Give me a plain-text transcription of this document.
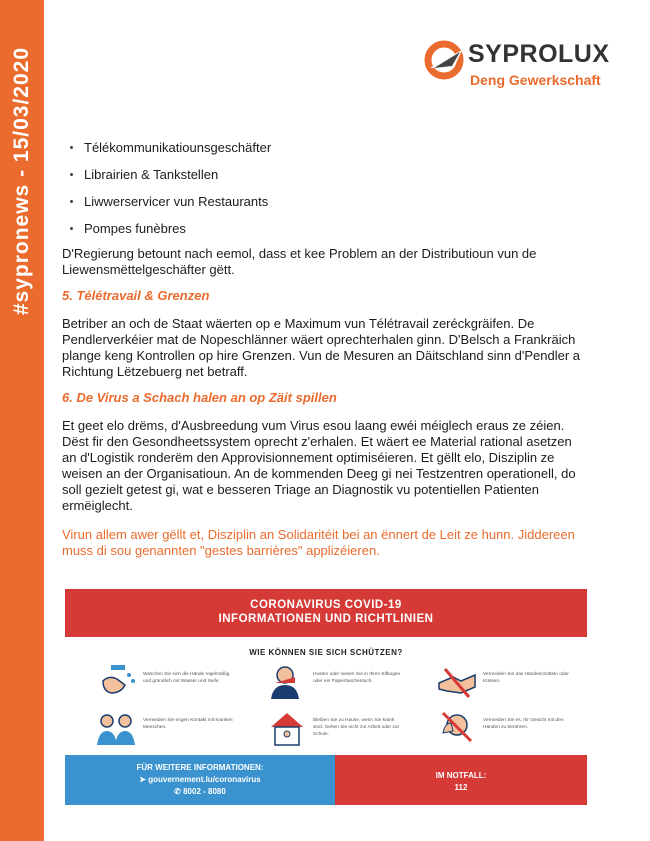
#sypronews - 15/03/2020	SYPROLUX
Deng Gewerkschaft
Télékommunikatiounsgeschäfter
Librairien & Tankstellen
Liwwerservicer vun Restaurants
Pompes funèbres

D'Regierung betount nach eemol, dass et kee Problem an der Distributioun vun de Liewensmëttelgeschäfter gëtt.

5. Télétravail & Grenzen

Betriber an och de Staat wäerten op e Maximum vun Télétravail zeréckgräifen. De Pendlerverkéier mat de Nopeschlänner wäert oprechterhalen ginn. D'Belsch a Frankräich plange keng Kontrollen op hire Grenzen. Vun de Mesuren an Däitschland sinn d'Pendler a Richtung Lëtzebuerg net betraff.

6. De Virus a Schach halen an op Zäit spillen

Et geet elo drëms, d'Ausbreedung vum Virus esou laang ewéi méiglech eraus ze zéien. Dëst fir den Gesondheetssystem oprecht z'erhalen. Et wäert ee Material rational asetzen an d'Logistik ronderëm den Approvisionnement optimiséieren. Et gëllt elo, Disziplin ze weisen an der Organisatioun. An de kommenden Deeg gi nei Testzentren operationell, do soll gezielt getest gi, wat e besseren Triage an Diagnostik vu potentiellen Patienten ermëiglecht.

Virun allem awer gëllt et, Disziplin an Solidaritéit bei an ënnert de Leit ze hunn. Jiddereen muss di sou genannten "gestes barrières" applizéieren.

CORONAVIRUS COVID-19
INFORMATIONEN UND RICHTLINIEN
WIE KÖNNEN SIE SICH SCHÜTZEN?
Waschen Sie sich die Hände regelmäßig und gründlich mit Wasser und Seife.
Husten oder niesen Sie in Ihren Ellbogen oder ein Papiertaschentuch.
Vermeiden Sie das Händeschütteln oder Küssen.
Vermeiden Sie engen Kontakt mit kranken Menschen.
Bleiben Sie zu Hause, wenn Sie krank sind. Gehen Sie nicht zur Arbeit oder zur Schule.
Vermeiden Sie es, Ihr Gesicht mit den Händen zu berühren.
FÜR WEITERE INFORMATIONEN:
➤ gouvernement.lu/coronavirus
✆ 8002 - 8080
IM NOTFALL:
112
